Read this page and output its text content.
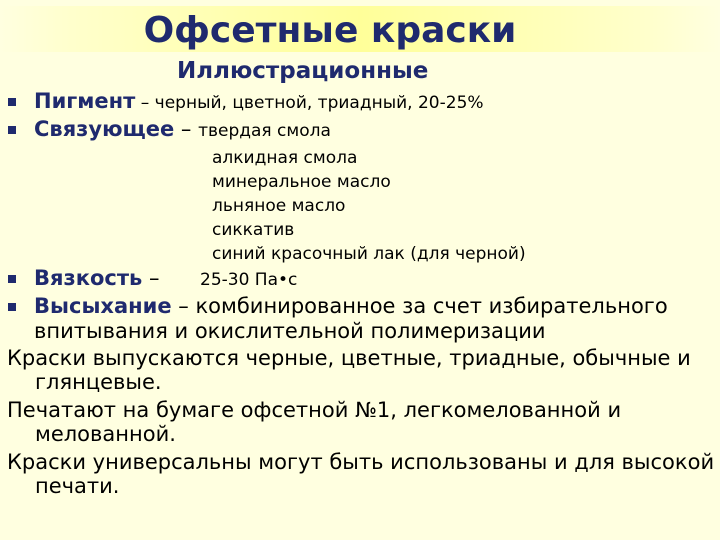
Офсетные краски
Иллюстрационные
Пигмент – черный, цветной, триадный, 20-25%
Связующее – твердая смола
алкидная смола
минеральное масло
льняное масло
сиккатив
синий красочный лак (для черной)
Вязкость – 25-30 Па•с
Высыхание – комбинированное за счет избирательного
впитывания и окислительной полимеризации
Краски выпускаются черные, цветные, триадные, обычные и
глянцевые.
Печатают на бумаге офсетной №1, легкомелованной и
мелованной.
Краски универсальны могут быть использованы и для высокой
печати.
